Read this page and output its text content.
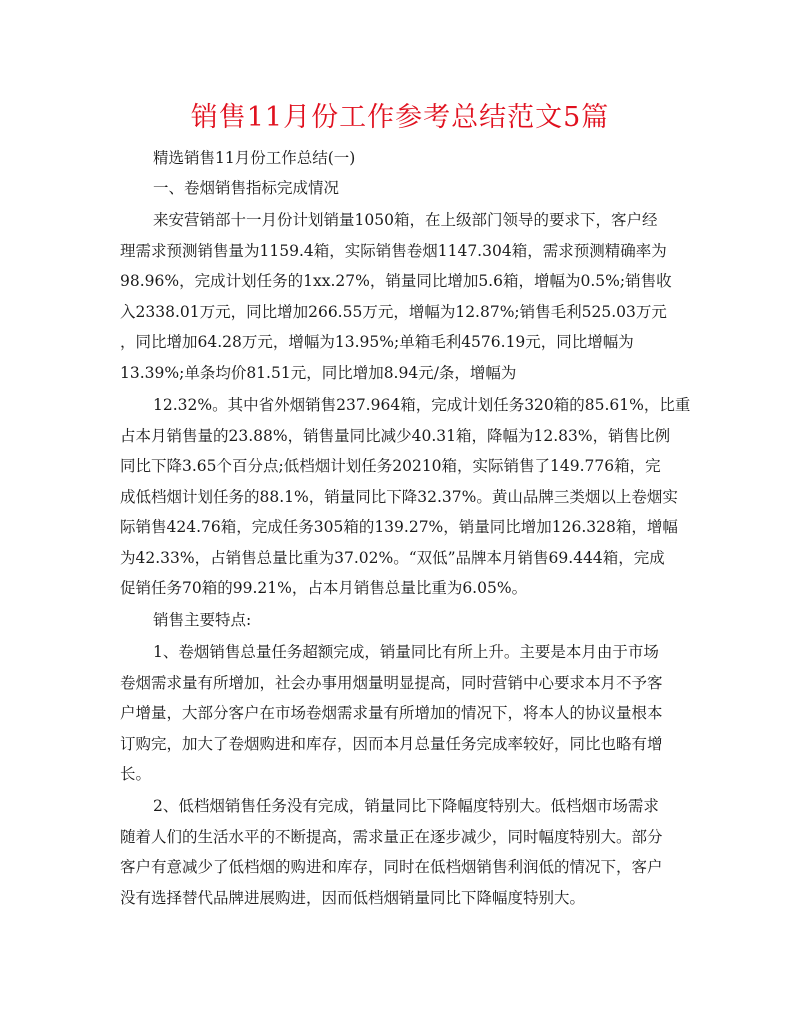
销售11月份工作参考总结范文5篇
精选销售11月份工作总结(一)
一、卷烟销售指标完成情况
来安营销部十一月份计划销量1050箱，在上级部门领导的要求下，客户经
理需求预测销售量为1159.4箱，实际销售卷烟1147.304箱，需求预测精确率为
98.96%，完成计划任务的1xx.27%，销量同比增加5.6箱，增幅为0.5%;销售收
入2338.01万元，同比增加266.55万元，增幅为12.87%;销售毛利525.03万元
，同比增加64.28万元，增幅为13.95%;单箱毛利4576.19元，同比增幅为
13.39%;单条均价81.51元，同比增加8.94元/条，增幅为
12.32%。其中省外烟销售237.964箱，完成计划任务320箱的85.61%，比重
占本月销售量的23.88%，销售量同比减少40.31箱，降幅为12.83%，销售比例
同比下降3.65个百分点;低档烟计划任务20210箱，实际销售了149.776箱，完
成低档烟计划任务的88.1%，销量同比下降32.37%。黄山品牌三类烟以上卷烟实
际销售424.76箱，完成任务305箱的139.27%，销量同比增加126.328箱，增幅
为42.33%，占销售总量比重为37.02%。“双低”品牌本月销售69.444箱，完成
促销任务70箱的99.21%，占本月销售总量比重为6.05%。
销售主要特点:
1、卷烟销售总量任务超额完成，销量同比有所上升。主要是本月由于市场
卷烟需求量有所增加，社会办事用烟量明显提高，同时营销中心要求本月不予客
户增量，大部分客户在市场卷烟需求量有所增加的情况下，将本人的协议量根本
订购完，加大了卷烟购进和库存，因而本月总量任务完成率较好，同比也略有增
长。
2、低档烟销售任务没有完成，销量同比下降幅度特别大。低档烟市场需求
随着人们的生活水平的不断提高，需求量正在逐步减少，同时幅度特别大。部分
客户有意减少了低档烟的购进和库存，同时在低档烟销售利润低的情况下，客户
没有选择替代品牌进展购进，因而低档烟销量同比下降幅度特别大。
